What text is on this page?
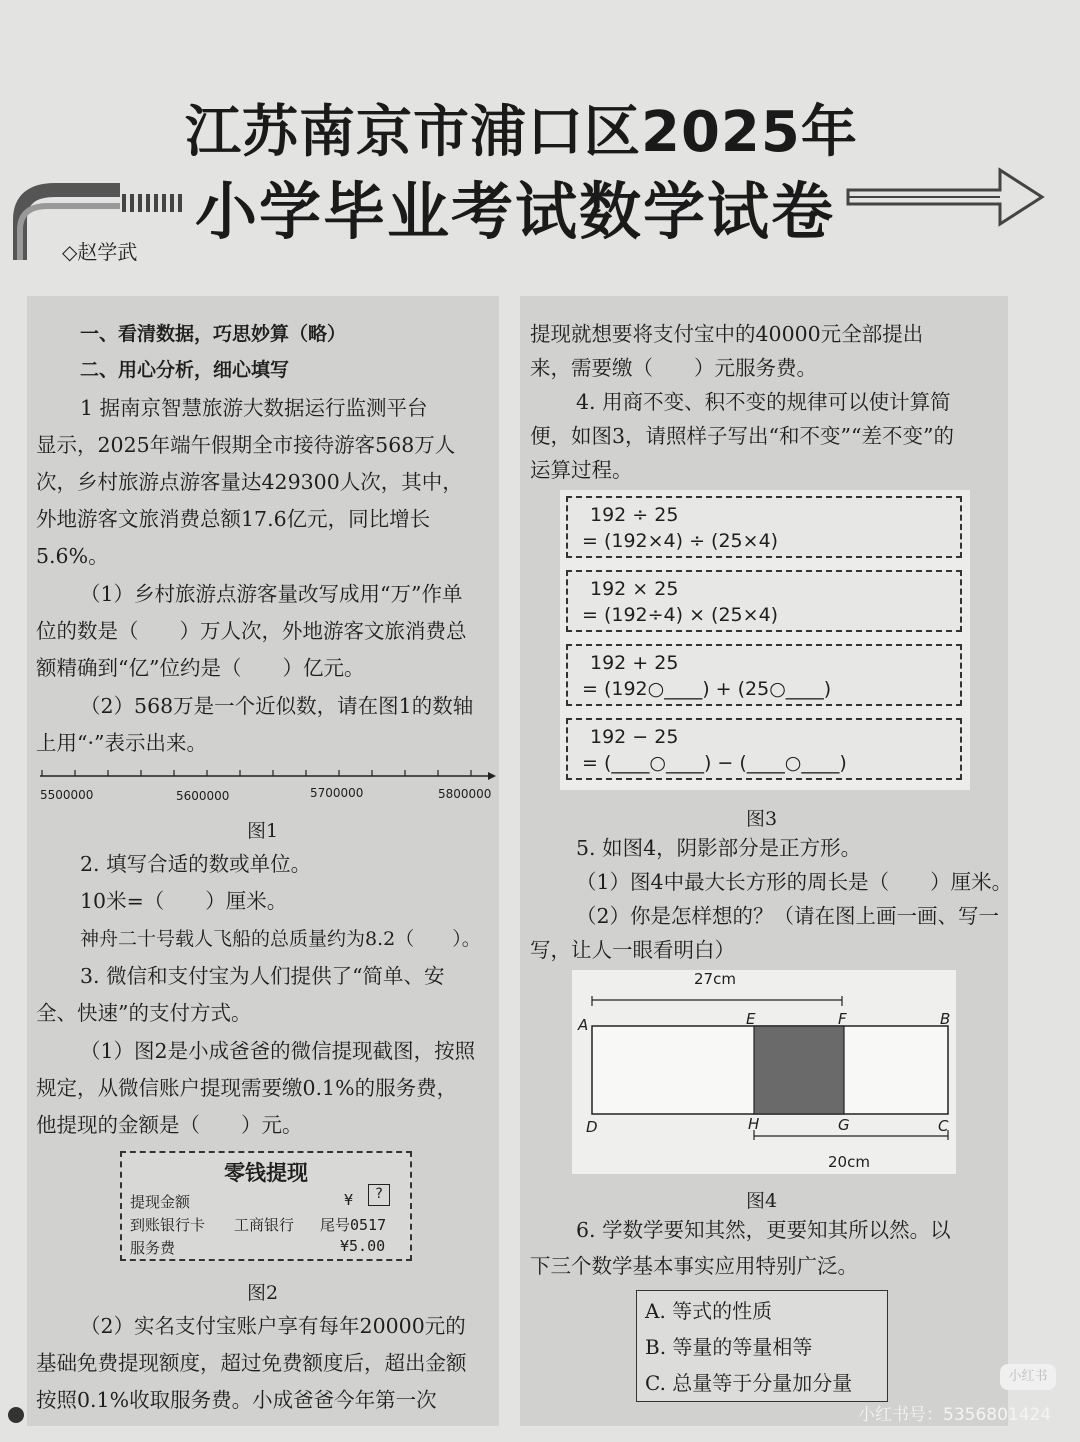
江苏南京市浦口区2025年
小学毕业考试数学试卷
◇赵学武
一、看清数据，巧思妙算（略）
二、用心分析，细心填写
1 据南京智慧旅游大数据运行监测平台
显示，2025年端午假期全市接待游客568万人
次，乡村旅游点游客量达429300人次，其中，
外地游客文旅消费总额17.6亿元，同比增长
5.6%。
（1）乡村旅游点游客量改写成用“万”作单
位的数是（　　）万人次，外地游客文旅消费总
额精确到“亿”位约是（　　）亿元。
（2）568万是一个近似数，请在图1的数轴
上用“·”表示出来。
5500000	5600000	5700000	5800000
图1
2. 填写合适的数或单位。
10米=（　　）厘米。
神舟二十号载人飞船的总质量约为8.2（　　）。
3. 微信和支付宝为人们提供了“简单、安
全、快速”的支付方式。
（1）图2是小成爸爸的微信提现截图，按照
规定，从微信账户提现需要缴0.1%的服务费，
他提现的金额是（　　）元。
零钱提现
提现金额	¥	?
到账银行卡 工商银行 尾号0517
服务费	¥5.00
图2
（2）实名支付宝账户享有每年20000元的
基础免费提现额度，超过免费额度后，超出金额
按照0.1%收取服务费。小成爸爸今年第一次
提现就想要将支付宝中的40000元全部提出
来，需要缴（　　）元服务费。
4. 用商不变、积不变的规律可以使计算简
便，如图3，请照样子写出“和不变”“差不变”的
运算过程。
192 ÷ 25
= (192×4) ÷ (25×4)
192 × 25
= (192÷4) × (25×4)
192 + 25
= (192○____) + (25○____)
192 − 25
= (____○____) − (____○____)
图3
5. 如图4，阴影部分是正方形。
（1）图4中最大长方形的周长是（　　）厘米。
（2）你是怎样想的？（请在图上画一画、写一
写，让人一眼看明白）
27cm
20cm
A	E	F	B
D	H	G	C
图4
6. 学数学要知其然，更要知其所以然。以
下三个数学基本事实应用特别广泛。
A. 等式的性质
B. 等量的等量相等
C. 总量等于分量加分量	小红书
小红书号：5356801424
